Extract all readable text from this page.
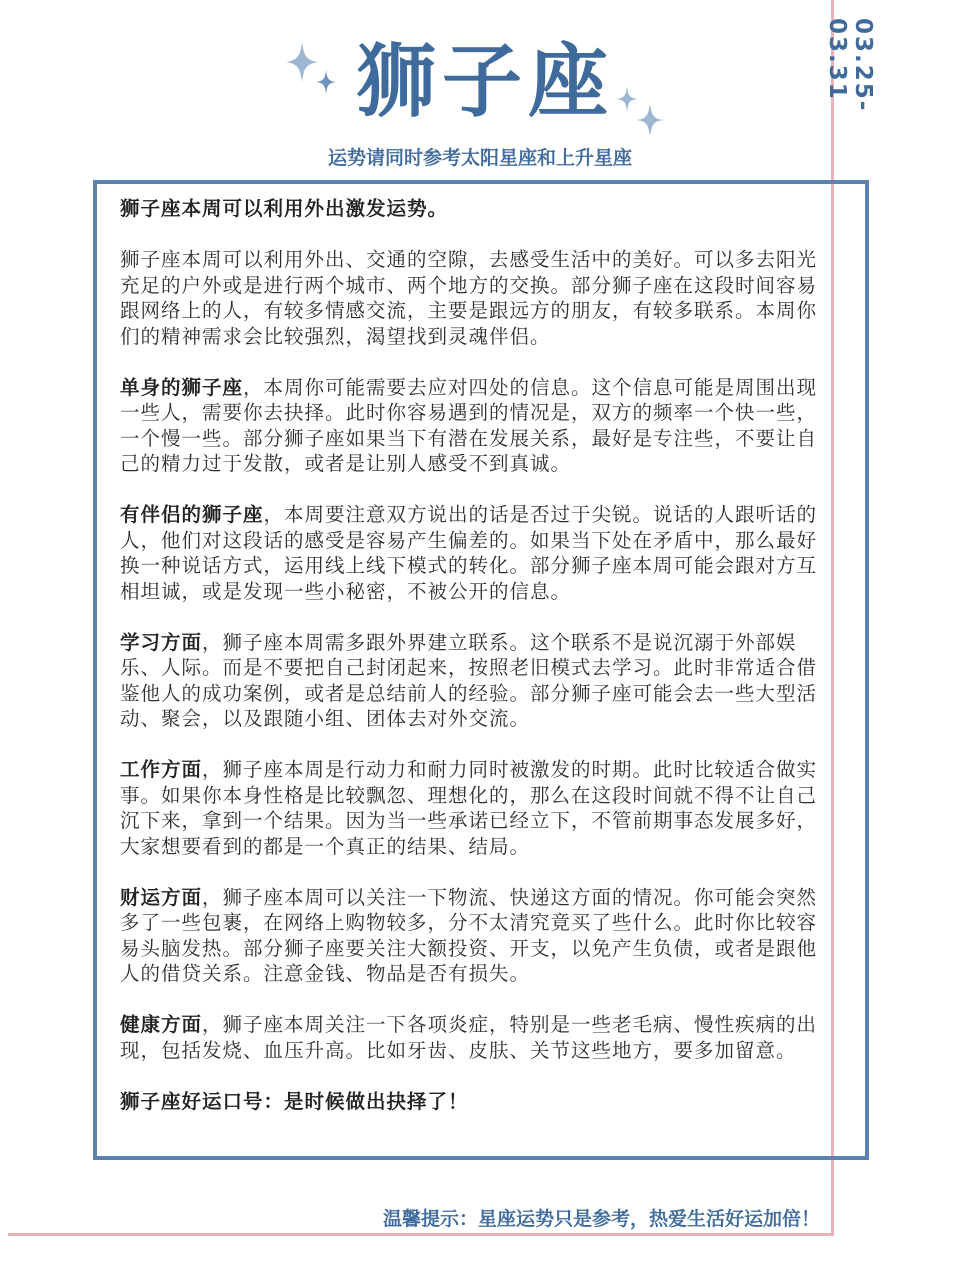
03.25-03.31
狮子座
运势请同时参考太阳星座和上升星座

狮子座本周可以利用外出激发运势。

狮子座本周可以利用外出、交通的空隙，去感受生活中的美好。可以多去阳光充足的户外或是进行两个城市、两个地方的交换。部分狮子座在这段时间容易跟网络上的人，有较多情感交流，主要是跟远方的朋友，有较多联系。本周你们的精神需求会比较强烈，渴望找到灵魂伴侣。

单身的狮子座，本周你可能需要去应对四处的信息。这个信息可能是周围出现一些人，需要你去抉择。此时你容易遇到的情况是，双方的频率一个快一些，一个慢一些。部分狮子座如果当下有潜在发展关系，最好是专注些，不要让自己的精力过于发散，或者是让别人感受不到真诚。

有伴侣的狮子座，本周要注意双方说出的话是否过于尖锐。说话的人跟听话的人，他们对这段话的感受是容易产生偏差的。如果当下处在矛盾中，那么最好换一种说话方式，运用线上线下模式的转化。部分狮子座本周可能会跟对方互相坦诚，或是发现一些小秘密，不被公开的信息。

学习方面，狮子座本周需多跟外界建立联系。这个联系不是说沉溺于外部娱乐、人际。而是不要把自己封闭起来，按照老旧模式去学习。此时非常适合借鉴他人的成功案例，或者是总结前人的经验。部分狮子座可能会去一些大型活动、聚会，以及跟随小组、团体去对外交流。

工作方面，狮子座本周是行动力和耐力同时被激发的时期。此时比较适合做实事。如果你本身性格是比较飘忽、理想化的，那么在这段时间就不得不让自己沉下来，拿到一个结果。因为当一些承诺已经立下，不管前期事态发展多好，大家想要看到的都是一个真正的结果、结局。

财运方面，狮子座本周可以关注一下物流、快递这方面的情况。你可能会突然多了一些包裹，在网络上购物较多，分不太清究竟买了些什么。此时你比较容易头脑发热。部分狮子座要关注大额投资、开支，以免产生负债，或者是跟他人的借贷关系。注意金钱、物品是否有损失。

健康方面，狮子座本周关注一下各项炎症，特别是一些老毛病、慢性疾病的出现，包括发烧、血压升高。比如牙齿、皮肤、关节这些地方，要多加留意。

狮子座好运口号：是时候做出抉择了！

温馨提示：星座运势只是参考，热爱生活好运加倍！
